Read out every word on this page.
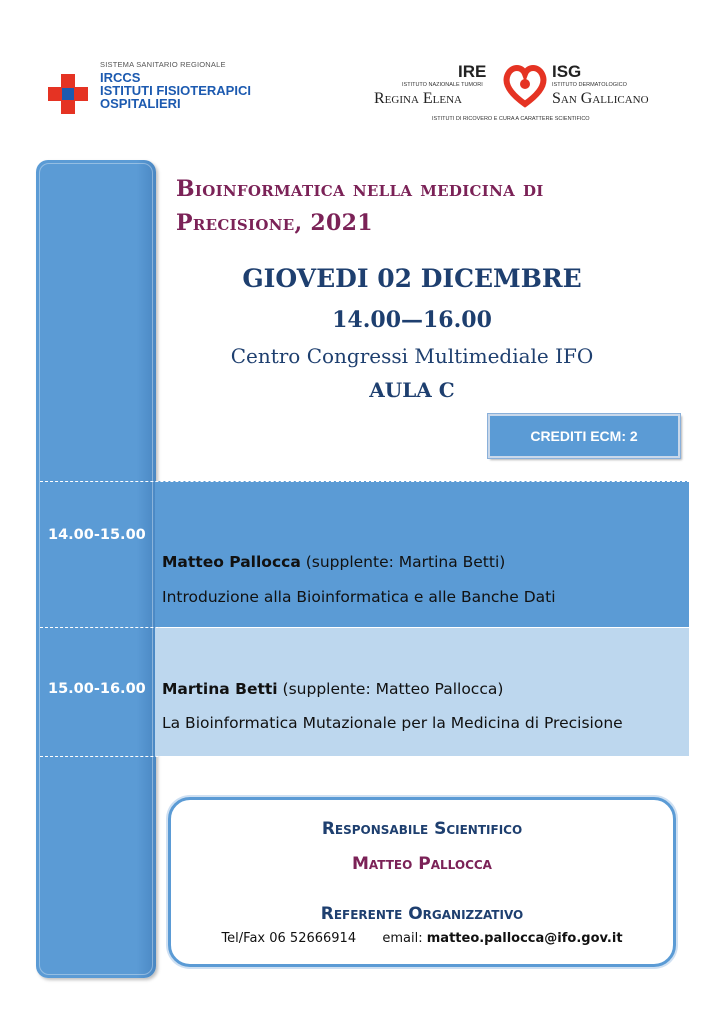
SISTEMA SANITARIO REGIONALE
IRCCS
ISTITUTI FISIOTERAPICI
OSPITALIERI
IRE	ISG
ISTITUTO NAZIONALE TUMORI	ISTITUTO DERMATOLOGICO
Regina Elena	San Gallicano
ISTITUTI DI RICOVERO E CURA A CARATTERE SCIENTIFICO
Bioinformatica nella medicina di
Precisione, 2021
GIOVEDI 02 DICEMBRE
14.00—16.00
Centro Congressi Multimediale IFO
AULA C
CREDITI ECM: 2
14.00-15.00
Matteo Pallocca (supplente: Martina Betti)
Introduzione alla Bioinformatica e alle Banche Dati
15.00-16.00 Martina Betti (supplente: Matteo Pallocca)
La Bioinformatica Mutazionale per la Medicina di Precisione
Responsabile Scientifico
Matteo Pallocca
Referente Organizzativo
Tel/Fax 06 52666914 email: matteo.pallocca@ifo.gov.it
